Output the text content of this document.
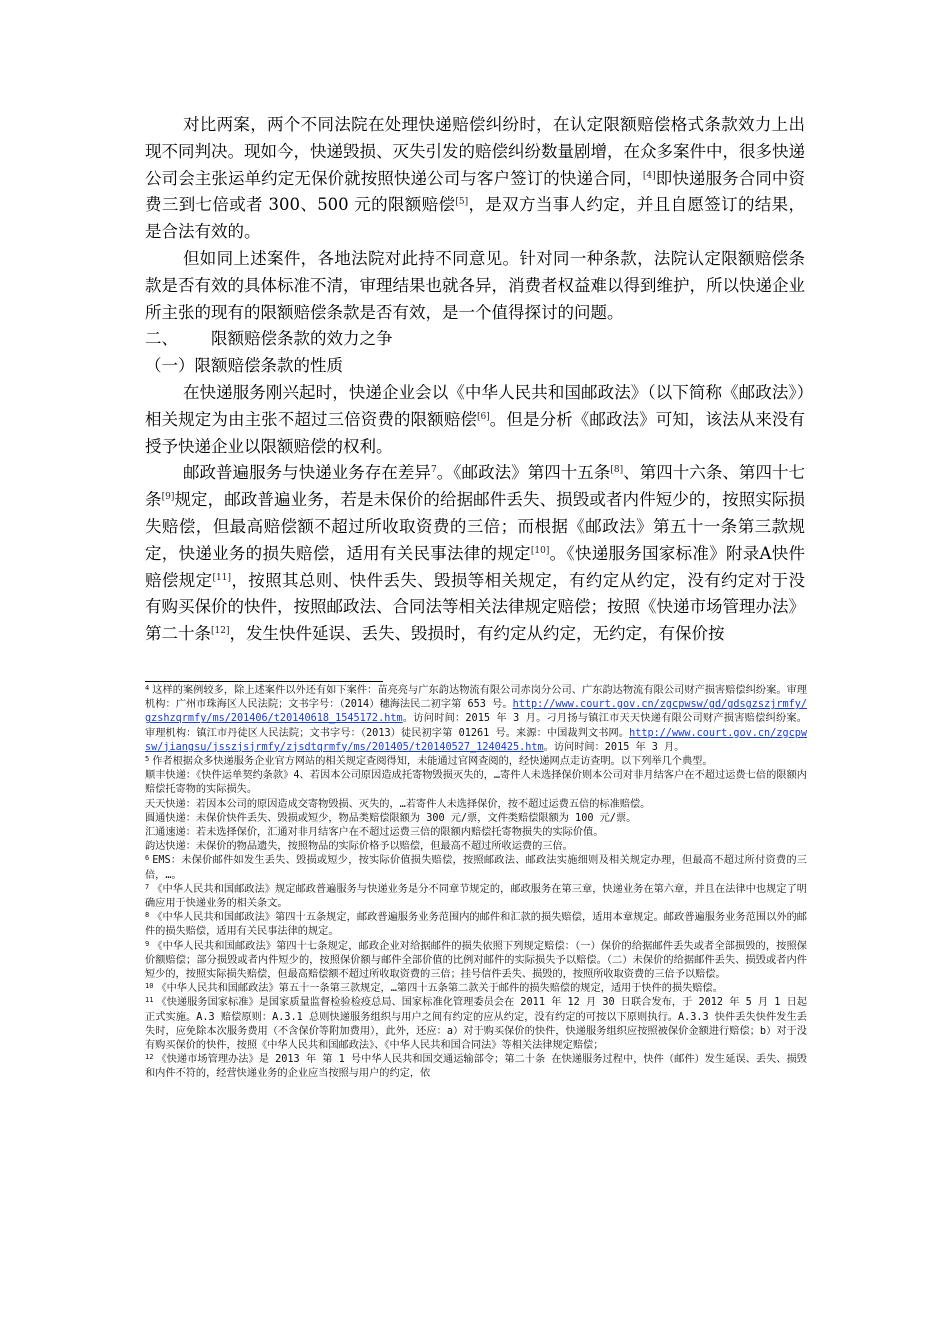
对比两案，两个不同法院在处理快递赔偿纠纷时，在认定限额赔偿格式条款效力上出现不同判决。现如今，快递毁损、灭失引发的赔偿纠纷数量剧增，在众多案件中，很多快递公司会主张运单约定无保价就按照快递公司与客户签订的快递合同，[4]即快递服务合同中资费三到七倍或者 300、500 元的限额赔偿[5]，是双方当事人约定，并且自愿签订的结果，是合法有效的。

但如同上述案件，各地法院对此持不同意见。针对同一种条款，法院认定限额赔偿条款是否有效的具体标准不清，审理结果也就各异，消费者权益难以得到维护，所以快递企业所主张的现有的限额赔偿条款是否有效，是一个值得探讨的问题。

二、 限额赔偿条款的效力之争

（一）限额赔偿条款的性质

在快递服务刚兴起时，快递企业会以《中华人民共和国邮政法》（以下简称《邮政法》）相关规定为由主张不超过三倍资费的限额赔偿[6]。但是分析《邮政法》可知，该法从来没有授予快递企业以限额赔偿的权利。

邮政普遍服务与快递业务存在差异$^7$。《邮政法》第四十五条[8]、第四十六条、第四十七条[9]规定，邮政普遍业务，若是未保价的给据邮件丢失、损毁或者内件短少的，按照实际损失赔偿，但最高赔偿额不超过所收取资费的三倍；而根据《邮政法》第五十一条第三款规定，快递业务的损失赔偿，适用有关民事法律的规定[10]。《快递服务国家标准》附录A快件赔偿规定[11]，按照其总则、快件丢失、毁损等相关规定，有约定从约定，没有约定对于没有购买保价的快件，按照邮政法、合同法等相关法律规定赔偿；按照《快递市场管理办法》第二十条[12]，发生快件延误、丢失、毁损时，有约定从约定，无约定，有保价按

$^4$ 这样的案例较多，除上述案件以外还有如下案件：苗亮亮与广东韵达物流有限公司赤岗分公司、广东韵达物流有限公司财产损害赔偿纠纷案。审理机构：广州市珠海区人民法院；文书字号：（2014）穗海法民二初字第 653 号。http://www.court.gov.cn/zgcpwsw/gd/gdsgzszjrmfy/gzshzqrmfy/ms/201406/t20140618_1545172.htm。访问时间：2015 年 3 月。刁月扬与镇江市天天快递有限公司财产损害赔偿纠纷案。审理机构：镇江市丹徒区人民法院；文书字号：（2013）徒民初字第 01261 号。来源：中国裁判文书网。http://www.court.gov.cn/zgcpwsw/jiangsu/jsszjsjrmfy/zjsdtqrmfy/ms/201405/t20140527_1240425.htm。访问时间：2015 年 3 月。

$^5$ 作者根据众多快递服务企业官方网站的相关规定查阅得知，未能通过官网查阅的，经快递网点走访查明。以下列举几个典型。

顺丰快递：《快件运单契约条款》4、若因本公司原因造成托寄物毁损灭失的，…寄件人未选择保价则本公司对非月结客户在不超过运费七倍的限额内赔偿托寄物的实际损失。

天天快递：若因本公司的原因造成交寄物毁损、灭失的，…若寄件人未选择保价，按不超过运费五倍的标准赔偿。

圆通快递：未保价快件丢失、毁损或短少，物品类赔偿限额为 300 元/票，文件类赔偿限额为 100 元/票。

汇通速递：若未选择保价，汇通对非月结客户在不超过运费三倍的限额内赔偿托寄物损失的实际价值。

韵达快递：未保价的物品遗失，按照物品的实际价格予以赔偿，但最高不超过所收运费的三倍。

$^6$ EMS：未保价邮件如发生丢失、毁损或短少，按实际价值损失赔偿，按照邮政法、邮政法实施细则及相关规定办理，但最高不超过所付资费的三倍，…。

$^7$ 《中华人民共和国邮政法》规定邮政普遍服务与快递业务是分不同章节规定的，邮政服务在第三章，快递业务在第六章，并且在法律中也规定了明确应用于快递业务的相关条文。

$^8$ 《中华人民共和国邮政法》第四十五条规定，邮政普遍服务业务范围内的邮件和汇款的损失赔偿，适用本章规定。邮政普遍服务业务范围以外的邮件的损失赔偿，适用有关民事法律的规定。

$^9$ 《中华人民共和国邮政法》第四十七条规定，邮政企业对给据邮件的损失依照下列规定赔偿：（一）保价的给据邮件丢失或者全部损毁的，按照保价额赔偿；部分损毁或者内件短少的，按照保价额与邮件全部价值的比例对邮件的实际损失予以赔偿。（二）未保价的给据邮件丢失、损毁或者内件短少的，按照实际损失赔偿，但最高赔偿额不超过所收取资费的三倍；挂号信件丢失、损毁的，按照所收取资费的三倍予以赔偿。

$^{10}$ 《中华人民共和国邮政法》第五十一条第三款规定，…第四十五条第二款关于邮件的损失赔偿的规定，适用于快件的损失赔偿。

$^{11}$ 《快递服务国家标准》是国家质量监督检验检疫总局、国家标准化管理委员会在 2011 年 12 月 30 日联合发布，于 2012 年 5 月 1 日起正式实施。A.3 赔偿原则：A.3.1 总则快递服务组织与用户之间有约定的应从约定，没有约定的可按以下原则执行。A.3.3 快件丢失快件发生丢失时，应免除本次服务费用（不含保价等附加费用），此外，还应：a）对于购买保价的快件，快递服务组织应按照被保价金额进行赔偿；b）对于没有购买保价的快件，按照《中华人民共和国邮政法》、《中华人民共和国合同法》等相关法律规定赔偿；

$^{12}$ 《快递市场管理办法》是 2013 年 第 1 号中华人民共和国交通运输部令；第二十条 在快递服务过程中，快件（邮件）发生延误、丢失、损毁和内件不符的，经营快递业务的企业应当按照与用户的约定，依
